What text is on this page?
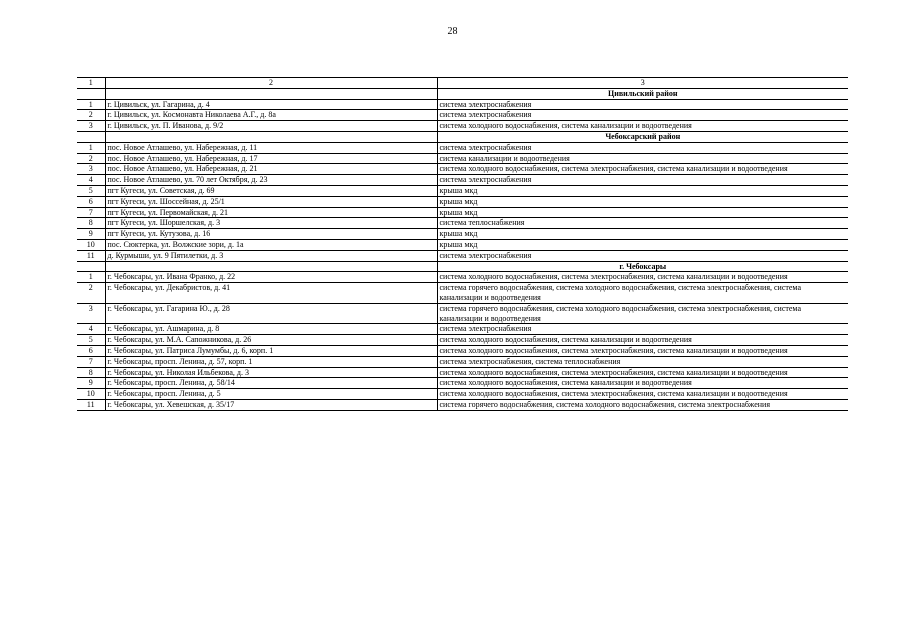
28
1	2	3
		Цивильский район
1	г. Цивильск, ул. Гагарина, д. 4	система электроснабжения
2	г. Цивильск, ул. Космонавта Николаева А.Г., д. 8а	система электроснабжения
3	г. Цивильск, ул. П. Иванова, д. 9/2	система холодного водоснабжения, система канализации и водоотведения
		Чебоксарский район
1	пос. Новое Атлашево, ул. Набережная, д. 11	система электроснабжения
2	пос. Новое Атлашево, ул. Набережная, д. 17	система канализации и водоотведения
3	пос. Новое Атлашево, ул. Набережная, д. 21	система холодного водоснабжения, система электроснабжения, система канализации и водоотведения
4	пос. Новое Атлашево, ул. 70 лет Октября, д. 23	система электроснабжения
5	пгт Кугеси, ул. Советская, д. 69	крыша мкд
6	пгт Кугеси, ул. Шоссейная, д. 25/1	крыша мкд
7	пгт Кугеси, ул. Первомайская, д. 21	крыша мкд
8	пгт Кугеси, ул. Шоршелская, д. 3	система теплоснабжения
9	пгт Кугеси, ул. Кутузова, д. 16	крыша мкд
10	пос. Сюктерка, ул. Волжские зори, д. 1а	крыша мкд
11	д. Курмыши, ул. 9 Пятилетки, д. 3	система электроснабжения
		г. Чебоксары
1	г. Чебоксары, ул. Ивана Франко, д. 22	система холодного водоснабжения, система электроснабжения, система канализации и водоотведения
2	г. Чебоксары, ул. Декабристов, д. 41	система горячего водоснабжения, система холодного водоснабжения, система электроснабжения, система канализации и водоотведения
3	г. Чебоксары, ул. Гагарина Ю., д. 28	система горячего водоснабжения, система холодного водоснабжения, система электроснабжения, система канализации и водоотведения
4	г. Чебоксары, ул. Ашмарина, д. 8	система электроснабжения
5	г. Чебоксары, ул. М.А. Сапожникова, д. 26	система холодного водоснабжения, система канализации и водоотведения
6	г. Чебоксары, ул. Патриса Лумумбы, д. 6, корп. 1	система холодного водоснабжения, система электроснабжения, система канализации и водоотведения
7	г. Чебоксары, просп. Ленина, д. 57, корп. 1	система электроснабжения, система теплоснабжения
8	г. Чебоксары, ул. Николая Ильбекова, д. 3	система холодного водоснабжения, система электроснабжения, система канализации и водоотведения
9	г. Чебоксары, просп. Ленина, д. 58/14	система холодного водоснабжения, система канализации и водоотведения
10	г. Чебоксары, просп. Ленина, д. 5	система холодного водоснабжения, система электроснабжения, система канализации и водоотведения
11	г. Чебоксары, ул. Хевешская, д. 35/17	система горячего водоснабжения, система холодного водоснабжения, система электроснабжения
